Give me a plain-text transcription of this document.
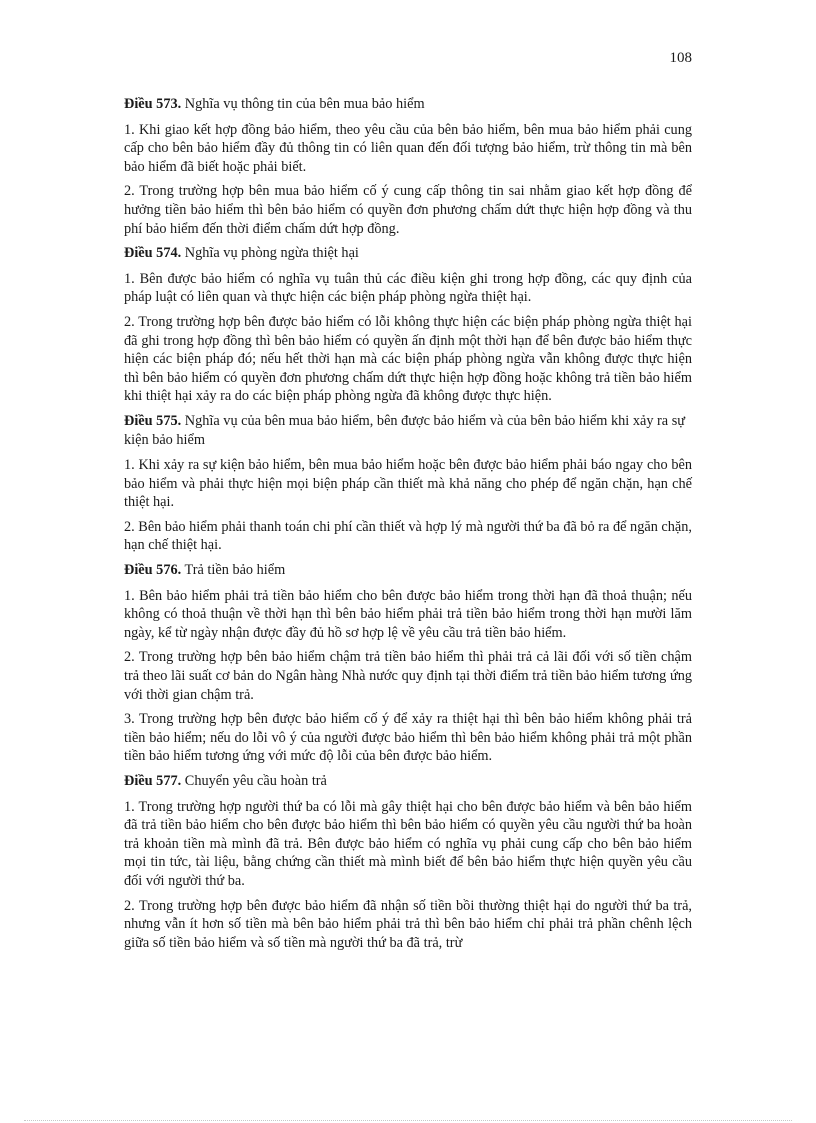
108

Điều 573. Nghĩa vụ thông tin của bên mua bảo hiểm

1. Khi giao kết hợp đồng bảo hiểm, theo yêu cầu của bên bảo hiểm, bên mua bảo hiểm phải cung cấp cho bên bảo hiểm đầy đủ thông tin có liên quan đến đối tượng bảo hiểm, trừ thông tin mà bên bảo hiểm đã biết hoặc phải biết.

2. Trong trường hợp bên mua bảo hiểm cố ý cung cấp thông tin sai nhằm giao kết hợp đồng để hưởng tiền bảo hiểm thì bên bảo hiểm có quyền đơn phương chấm dứt thực hiện hợp đồng và thu phí bảo hiểm đến thời điểm chấm dứt hợp đồng.

Điều 574. Nghĩa vụ phòng ngừa thiệt hại

1. Bên được bảo hiểm có nghĩa vụ tuân thủ các điều kiện ghi trong hợp đồng, các quy định của pháp luật có liên quan và thực hiện các biện pháp phòng ngừa thiệt hại.

2. Trong trường hợp bên được bảo hiểm có lỗi không thực hiện các biện pháp phòng ngừa thiệt hại đã ghi trong hợp đồng thì bên bảo hiểm có quyền ấn định một thời hạn để bên được bảo hiểm thực hiện các biện pháp đó; nếu hết thời hạn mà các biện pháp phòng ngừa vẫn không được thực hiện thì bên bảo hiểm có quyền đơn phương chấm dứt thực hiện hợp đồng hoặc không trả tiền bảo hiểm khi thiệt hại xảy ra do các biện pháp phòng ngừa đã không được thực hiện.

Điều 575. Nghĩa vụ của bên mua bảo hiểm, bên được bảo hiểm và của bên bảo hiểm khi xảy ra sự kiện bảo hiểm

1. Khi xảy ra sự kiện bảo hiểm, bên mua bảo hiểm hoặc bên được bảo hiểm phải báo ngay cho bên bảo hiểm và phải thực hiện mọi biện pháp cần thiết mà khả năng cho phép để ngăn chặn, hạn chế thiệt hại.

2. Bên bảo hiểm phải thanh toán chi phí cần thiết và hợp lý mà người thứ ba đã bỏ ra để ngăn chặn, hạn chế thiệt hại.

Điều 576. Trả tiền bảo hiểm

1. Bên bảo hiểm phải trả tiền bảo hiểm cho bên được bảo hiểm trong thời hạn đã thoả thuận; nếu không có thoả thuận về thời hạn thì bên bảo hiểm phải trả tiền bảo hiểm trong thời hạn mười lăm ngày, kể từ ngày nhận được đầy đủ hồ sơ hợp lệ về yêu cầu trả tiền bảo hiểm.

2. Trong trường hợp bên bảo hiểm chậm trả tiền bảo hiểm thì phải trả cả lãi đối với số tiền chậm trả theo lãi suất cơ bản do Ngân hàng Nhà nước quy định tại thời điểm trả tiền bảo hiểm tương ứng với thời gian chậm trả.

3. Trong trường hợp bên được bảo hiểm cố ý để xảy ra thiệt hại thì bên bảo hiểm không phải trả tiền bảo hiểm; nếu do lỗi vô ý của người được bảo hiểm thì bên bảo hiểm không phải trả một phần tiền bảo hiểm tương ứng với mức độ lỗi của bên được bảo hiểm.

Điều 577. Chuyển yêu cầu hoàn trả

1. Trong trường hợp người thứ ba có lỗi mà gây thiệt hại cho bên được bảo hiểm và bên bảo hiểm đã trả tiền bảo hiểm cho bên được bảo hiểm thì bên bảo hiểm có quyền yêu cầu người thứ ba hoàn trả khoản tiền mà mình đã trả. Bên được bảo hiểm có nghĩa vụ phải cung cấp cho bên bảo hiểm mọi tin tức, tài liệu, bằng chứng cần thiết mà mình biết để bên bảo hiểm thực hiện quyền yêu cầu đối với người thứ ba.

2. Trong trường hợp bên được bảo hiểm đã nhận số tiền bồi thường thiệt hại do người thứ ba trả, nhưng vẫn ít hơn số tiền mà bên bảo hiểm phải trả thì bên bảo hiểm chỉ phải trả phần chênh lệch giữa số tiền bảo hiểm và số tiền mà người thứ ba đã trả, trừ
